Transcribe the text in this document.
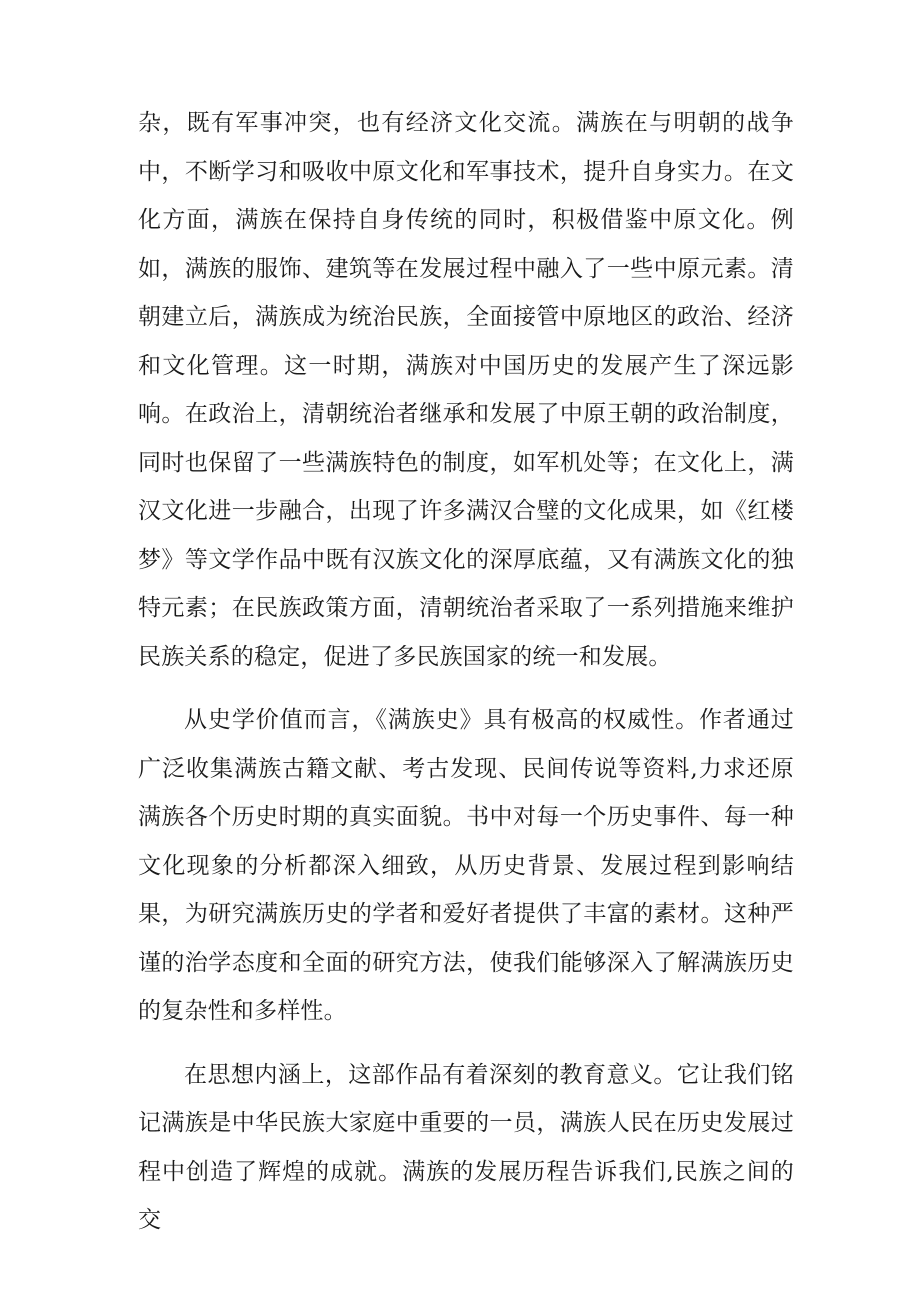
杂，既有军事冲突，也有经济文化交流。满族在与明朝的战争中，不断学习和吸收中原文化和军事技术，提升自身实力。在文化方面，满族在保持自身传统的同时，积极借鉴中原文化。例如，满族的服饰、建筑等在发展过程中融入了一些中原元素。清朝建立后，满族成为统治民族，全面接管中原地区的政治、经济和文化管理。这一时期，满族对中国历史的发展产生了深远影响。在政治上，清朝统治者继承和发展了中原王朝的政治制度，同时也保留了一些满族特色的制度，如军机处等；在文化上，满汉文化进一步融合，出现了许多满汉合璧的文化成果，如《红楼梦》等文学作品中既有汉族文化的深厚底蕴，又有满族文化的独特元素；在民族政策方面，清朝统治者采取了一系列措施来维护民族关系的稳定，促进了多民族国家的统一和发展。

从史学价值而言，《满族史》具有极高的权威性。作者通过广泛收集满族古籍文献、考古发现、民间传说等资料,力求还原满族各个历史时期的真实面貌。书中对每一个历史事件、每一种文化现象的分析都深入细致，从历史背景、发展过程到影响结果，为研究满族历史的学者和爱好者提供了丰富的素材。这种严谨的治学态度和全面的研究方法，使我们能够深入了解满族历史的复杂性和多样性。

在思想内涵上，这部作品有着深刻的教育意义。它让我们铭记满族是中华民族大家庭中重要的一员，满族人民在历史发展过程中创造了辉煌的成就。满族的发展历程告诉我们,民族之间的交
